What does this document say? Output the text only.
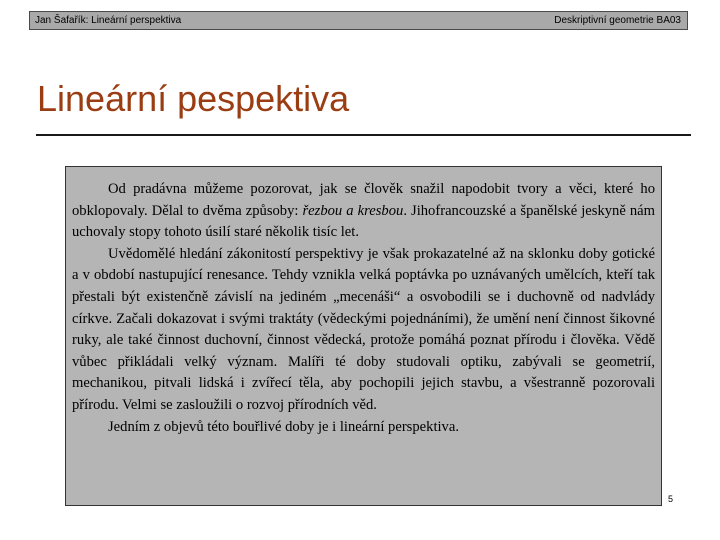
Jan Šafařík: Lineární perspektiva	Deskriptivní geometrie BA03
Lineární pespektiva

Od pradávna můžeme pozorovat, jak se člověk snažil napodobit tvory a věci, které ho obklopovaly. Dělal to dvěma způsoby: řezbou a kresbou. Jihofrancouzské a španělské jeskyně nám uchovaly stopy tohoto úsilí staré několik tisíc let.

Uvědomělé hledání zákonitostí perspektivy je však prokazatelné až na sklonku doby gotické a v období nastupující renesance. Tehdy vznikla velká poptávka po uznávaných umělcích, kteří tak přestali být existenčně závislí na jediném „mecenáši“ a osvobodili se i duchovně od nadvlády církve. Začali dokazovat i svými traktáty (vědeckými pojednáními), že umění není činnost šikovné ruky, ale také činnost duchovní, činnost vědecká, protože pomáhá poznat přírodu i člověka. Vědě vůbec přikládali velký význam. Malíři té doby studovali optiku, zabývali se geometrií, mechanikou, pitvali lidská i zvířecí těla, aby pochopili jejich stavbu, a všestranně pozorovali přírodu. Velmi se zasloužili o rozvoj přírodních věd.

Jedním z objevů této bouřlivé doby je i lineární perspektiva.

5
